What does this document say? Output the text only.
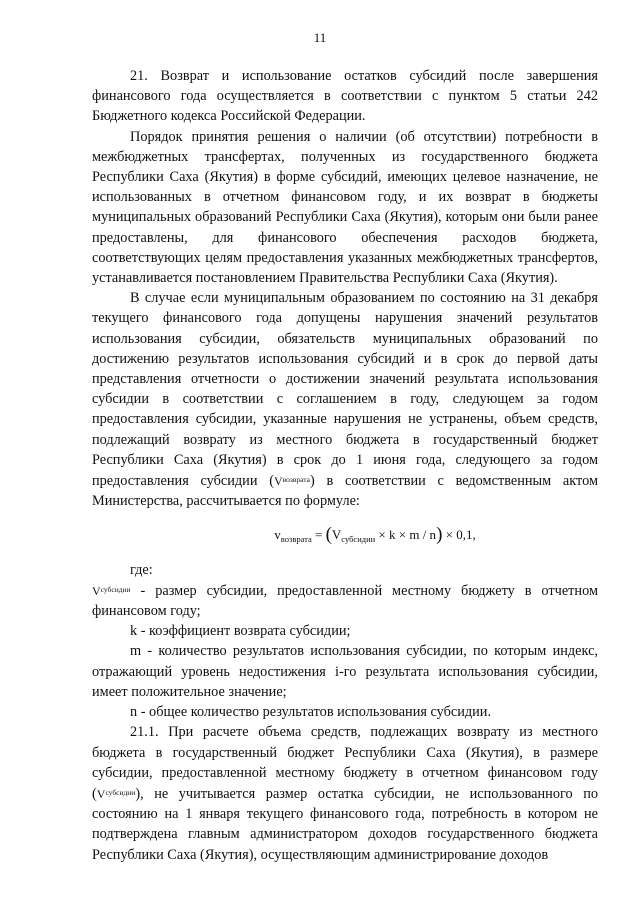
11

21. Возврат и использование остатков субсидий после завершения финансового года осуществляется в соответствии с пунктом 5 статьи 242 Бюджетного кодекса Российской Федерации.

Порядок принятия решения о наличии (об отсутствии) потребности в межбюджетных трансфертах, полученных из государственного бюджета Республики Саха (Якутия) в форме субсидий, имеющих целевое назначение, не использованных в отчетном финансовом году, и их возврат в бюджеты муниципальных образований Республики Саха (Якутия), которым они были ранее предоставлены, для финансового обеспечения расходов бюджета, соответствующих целям предоставления указанных межбюджетных трансфертов, устанавливается постановлением Правительства Республики Саха (Якутия).

В случае если муниципальным образованием по состоянию на 31 декабря текущего финансового года допущены нарушения значений результатов использования субсидии, обязательств муниципальных образований по достижению результатов использования субсидий и в срок до первой даты представления отчетности о достижении значений результата использования субсидии в соответствии с соглашением в году, следующем за годом предоставления субсидии, указанные нарушения не устранены, объем средств, подлежащий возврату из местного бюджета в государственный бюджет Республики Саха (Якутия) в срок до 1 июня года, следующего за годом предоставления субсидии $(V^{возврата})$ в соответствии с ведомственным актом Министерства, рассчитывается по формуле:

$v_{возврата} = (V_{субсидии} \times k \times m / n) \times 0,1$,

где:

$V^{субсидии}$ - размер субсидии, предоставленной местному бюджету в отчетном финансовом году;

k - коэффициент возврата субсидии;

m - количество результатов использования субсидии, по которым индекс, отражающий уровень недостижения i-го результата использования субсидии, имеет положительное значение;

n - общее количество результатов использования субсидии.

21.1. При расчете объема средств, подлежащих возврату из местного бюджета в государственный бюджет Республики Саха (Якутия), в размере субсидии, предоставленной местному бюджету в отчетном финансовом году $(V^{субсидии})$, не учитывается размер остатка субсидии, не использованного по состоянию на 1 января текущего финансового года, потребность в котором не подтверждена главным администратором доходов государственного бюджета Республики Саха (Якутия), осуществляющим администрирование доходов
